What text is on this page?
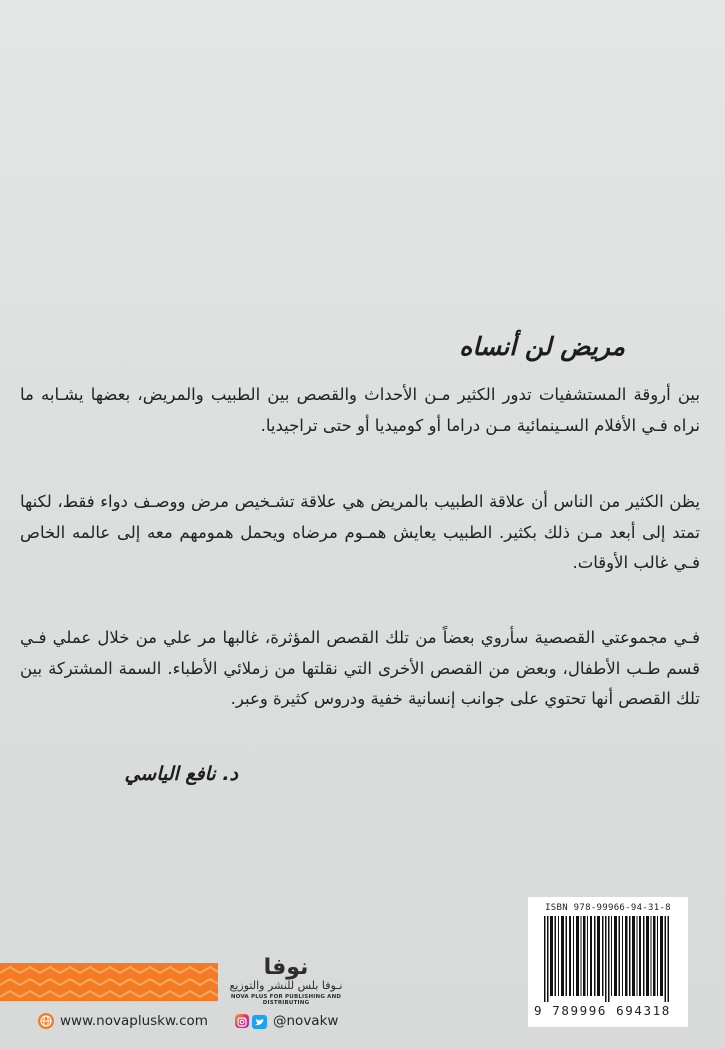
مريض لن أنساه

بين أروقة المستشفيات تدور الكثير مـن الأحداث والقصص بين الطبيب والمريض، بعضها يشـابه ما نراه فـي الأفلام السـينمائية مـن دراما أو كوميديا أو حتى تراجيديا.

يظن الكثير من الناس أن علاقة الطبيب بالمريض هي علاقة تشـخيص مرض ووصـف دواء فقط، لكنها تمتد إلى أبعد مـن ذلك بكثير. الطبيب يعايش همـوم مرضاه ويحمل همومهم معه إلى عالمه الخاص فـي غالب الأوقات.

فـي مجموعتي القصصية سأروي بعضاً من تلك القصص المؤثرة، غالبها مر علي من خلال عملي فـي قسم طـب الأطفال، وبعض من القصص الأخرى التي نقلتها من زملائي الأطباء. السمة المشتركة بين تلك القصص أنها تحتوي على جوانب إنسانية خفية ودروس كثيرة وعبر.

د. نافع الياسي
نوفا
نـوفا بلس للنشر والتوزيع
NOVA PLUS FOR PUBLISHING AND DISTRIBUTING
www.novapluskw.com	@novakw
ISBN 978-99966-94-31-8
9 789996 694318
